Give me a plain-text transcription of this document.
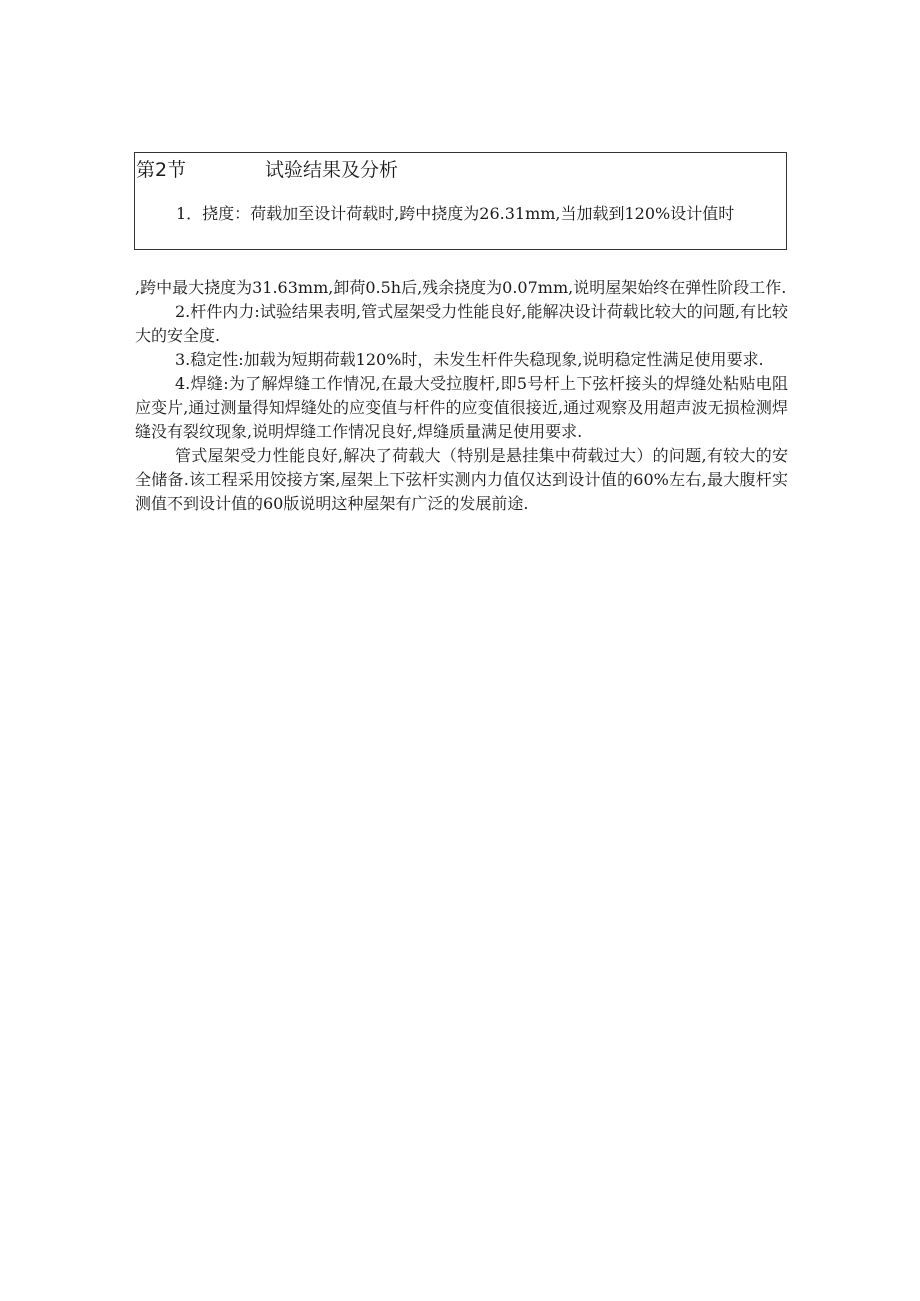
第2节	试验结果及分析
1．挠度：荷载加至设计荷载时,跨中挠度为26.31mm,当加载到120%设计值时

,跨中最大挠度为31.63mm,卸荷0.5h后,残余挠度为0.07mm,说明屋架始终在弹性阶段工作.

2.杆件内力:试验结果表明,管式屋架受力性能良好,能解决设计荷载比较大的问题,有比较大的安全度.

3.稳定性:加载为短期荷载120%时，未发生杆件失稳现象,说明稳定性满足使用要求.

4.焊缝:为了解焊缝工作情况,在最大受拉腹杆,即5号杆上下弦杆接头的焊缝处粘贴电阻应变片,通过测量得知焊缝处的应变值与杆件的应变值很接近,通过观察及用超声波无损检测焊缝没有裂纹现象,说明焊缝工作情况良好,焊缝质量满足使用要求.

管式屋架受力性能良好,解决了荷载大（特别是悬挂集中荷载过大）的问题,有较大的安全储备.该工程采用饺接方案,屋架上下弦杆实测内力值仅达到设计值的60%左右,最大腹杆实测值不到设计值的60版说明这种屋架有广泛的发展前途.
